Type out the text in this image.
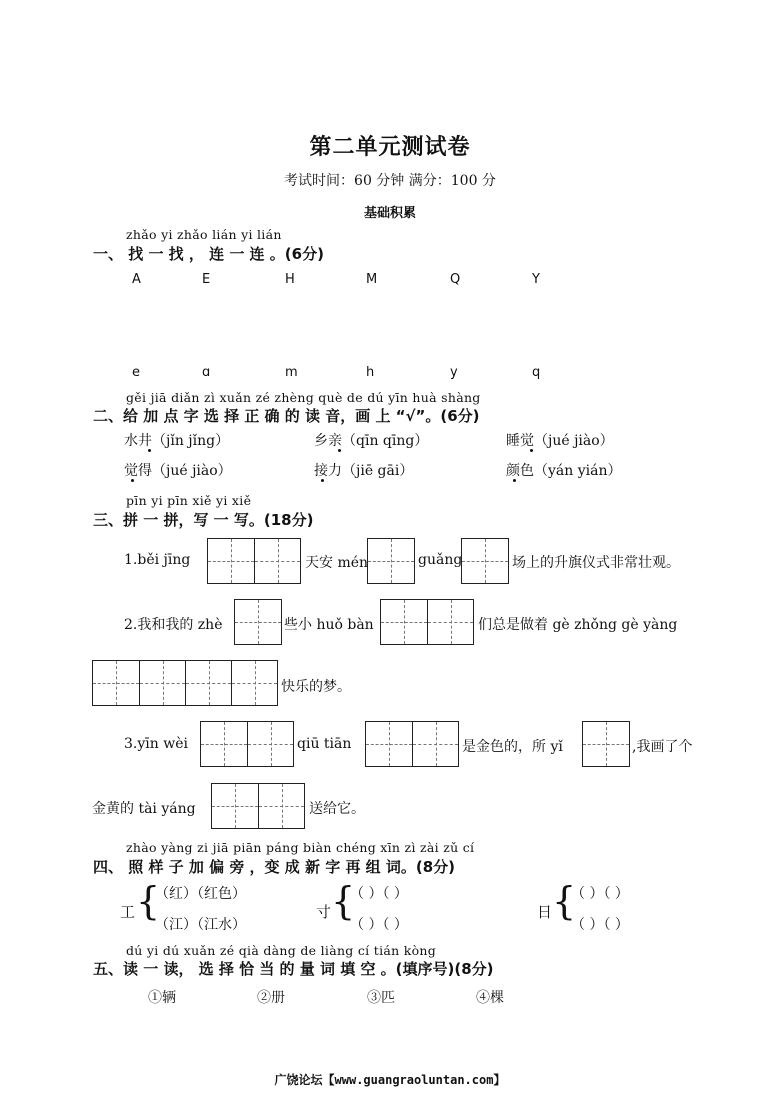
第二单元测试卷
考试时间：60 分钟 满分：100 分
基础积累
zhǎo yi zhǎo lián yi lián
一、 找 一 找 ， 连 一 连 。(6分)
A	E	H	M	Q	Y
e	ɑ	m	h	y	q
gěi jiā diǎn zì xuǎn zé zhèng què de dú yīn huà shàng
二、给 加 点 字 选 择 正 确 的 读 音，画 上 “√”。(6分)
水井（jǐn jǐng）	乡亲（qīn qīng）	睡觉（jué jiào）
觉得（jué jiào）	接力（jiē gāi）	颜色（yán yián）
pīn yi pīn xiě yi xiě
三、拼 一 拼，写 一 写。(18分)
1.běi jīng	天安 mén	guǎng	场上的升旗仪式非常壮观。
2.我和我的 zhè	些小 huǒ bàn	们总是做着 gè zhǒng gè yàng
快乐的梦。
3.yīn wèi	qiū tiān	是金色的，所 yǐ	,我画了个
金黄的 tài yáng	送给它。
zhào yàng zi jiā piān páng biàn chéng xīn zì zài zǔ cí
四、 照 样 子 加 偏 旁 ，变 成 新 字 再 组 词。(8分)
工 {
（红）（红色）
（江）（江水）
寸 {
（ ）（ ）
（ ）（ ）
日 {
（ ）（ ）
（ ）（ ）
dú yi dú xuǎn zé qià dàng de liàng cí tián kòng
五、读 一 读， 选 择 恰 当 的 量 词 填 空 。(填序号)(8分)
①辆	②册	③匹	④棵
广饶论坛【www.guangraoluntan.com】
